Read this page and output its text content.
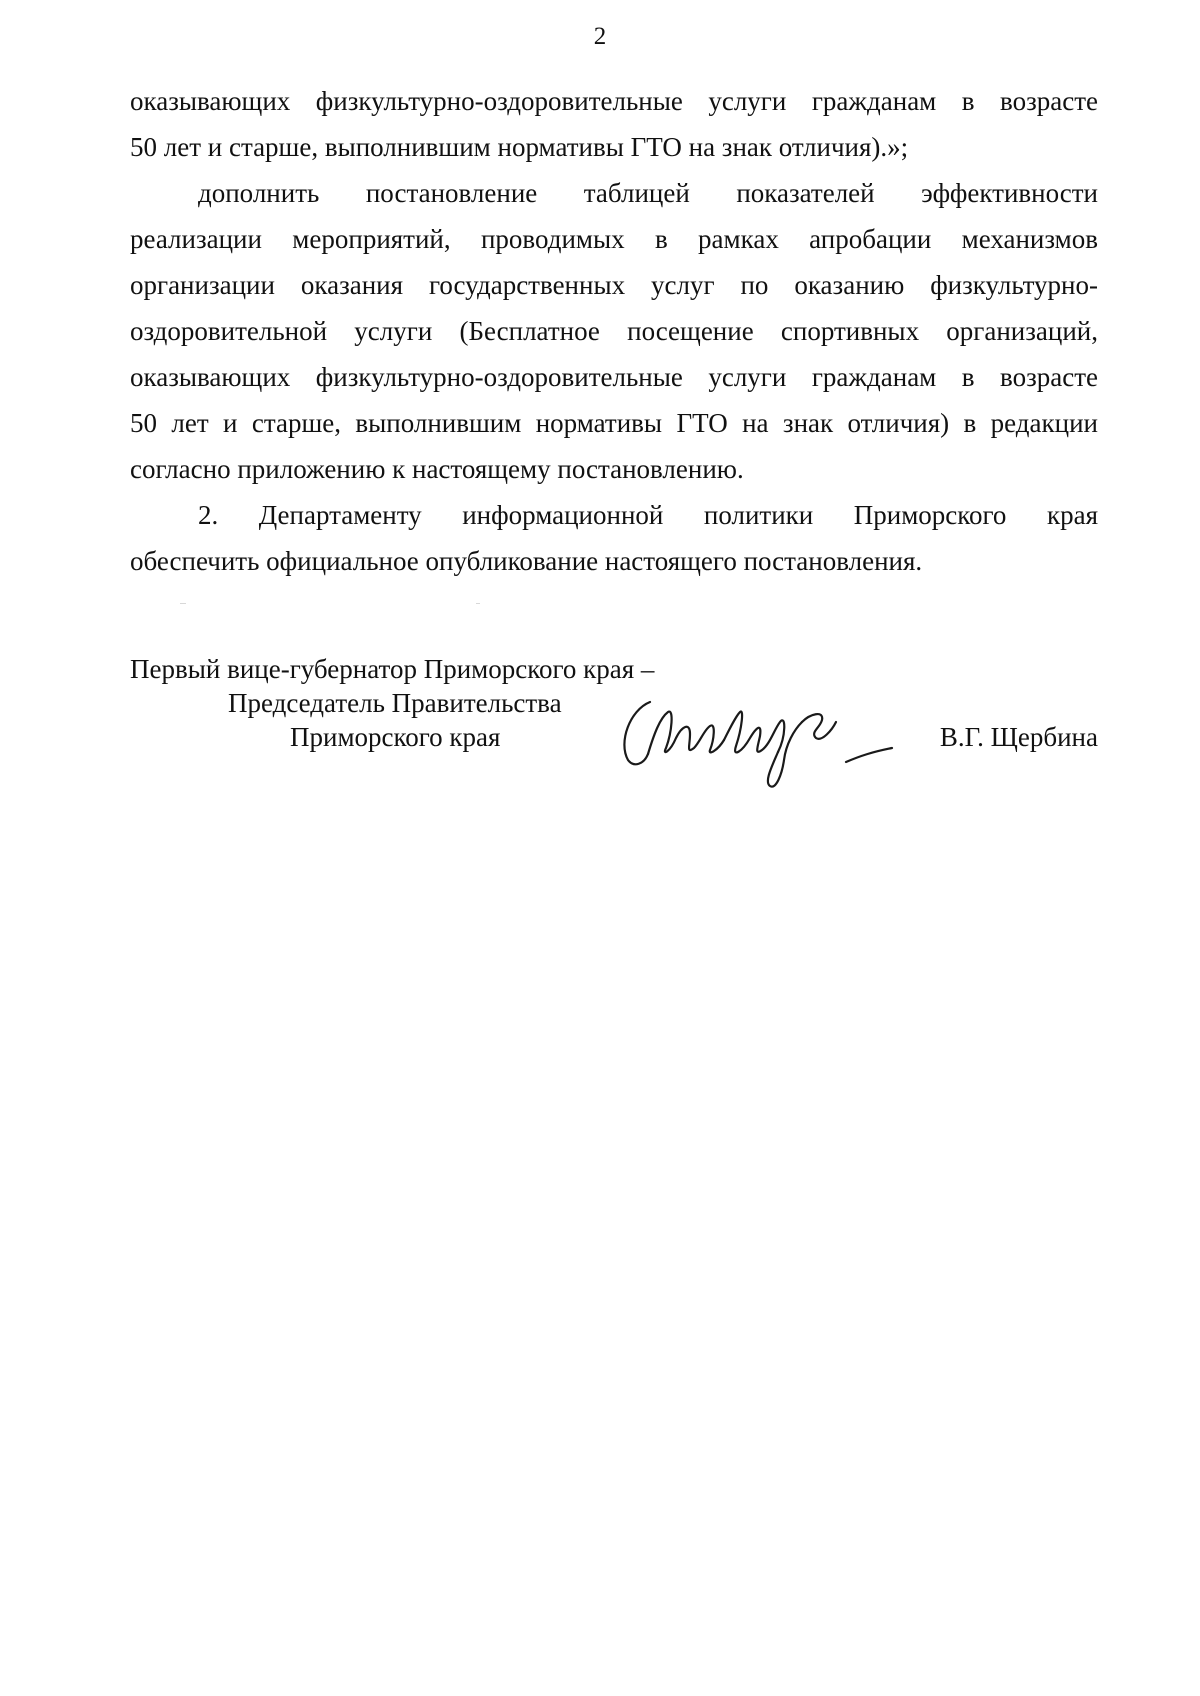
2

оказывающих физкультурно-оздоровительные услуги гражданам в возрасте
50 лет и старше, выполнившим нормативы ГТО на знак отличия).»;

дополнить постановление таблицей показателей эффективности
реализации мероприятий, проводимых в рамках апробации механизмов
организации оказания государственных услуг по оказанию физкультурно-
оздоровительной услуги (Бесплатное посещение спортивных организаций,
оказывающих физкультурно-оздоровительные услуги гражданам в возрасте
50 лет и старше, выполнившим нормативы ГТО на знак отличия) в редакции
согласно приложению к настоящему постановлению.

2. Департаменту информационной политики Приморского края
обеспечить официальное опубликование настоящего постановления.

Первый вице-губернатор Приморского края –
Председатель Правительства
Приморского края	В.Г. Щербина
